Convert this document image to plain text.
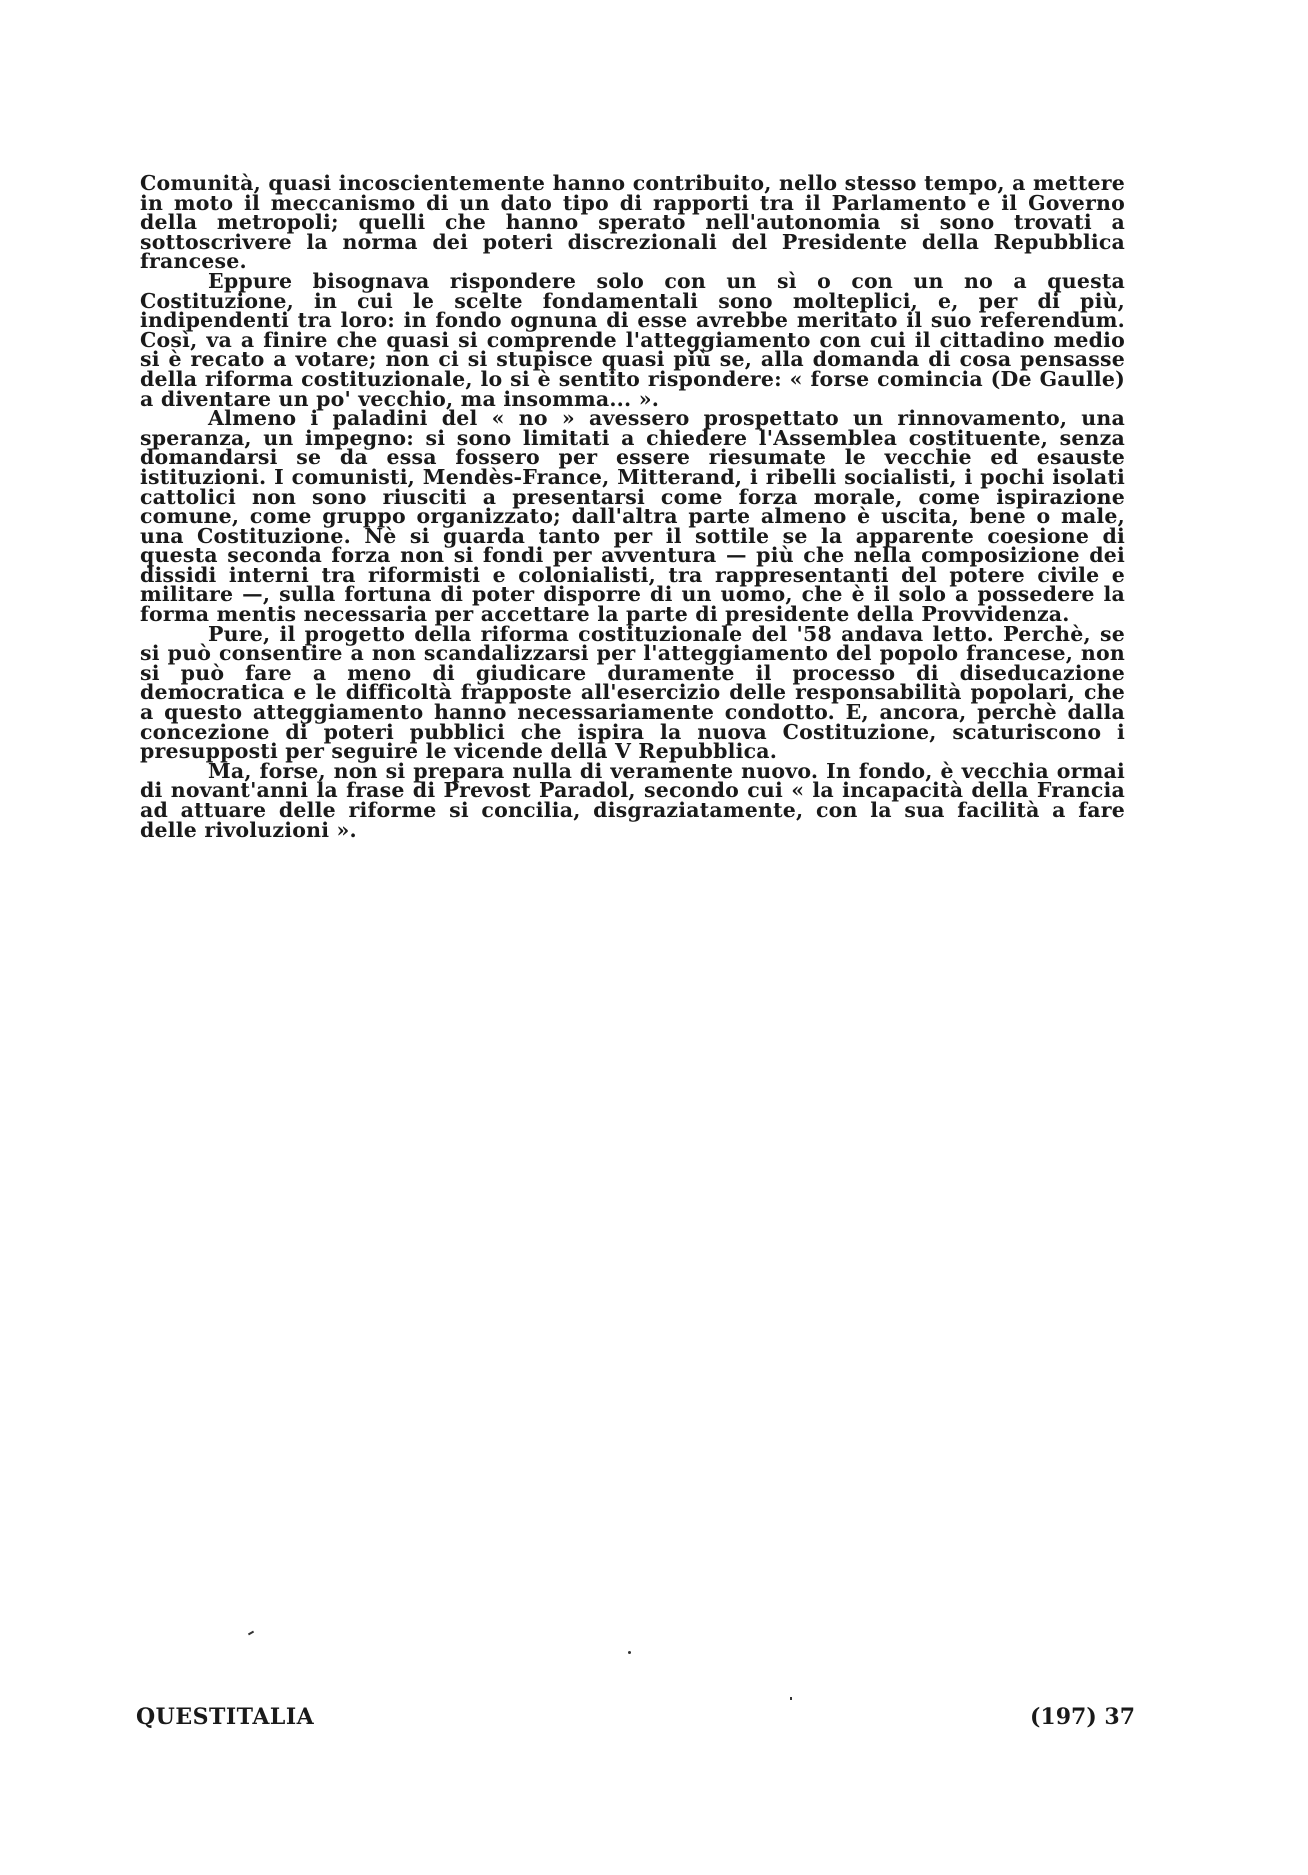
Comunità, quasi incoscientemente hanno contribuito, nello stesso tempo, a mettere in moto il meccanismo di un dato tipo di rapporti tra il Parlamento e il Governo della metropoli; quelli che hanno sperato nell'autonomia si sono trovati a sottoscrivere la norma dei poteri discrezionali del Presidente della Repubblica francese.

Eppure bisognava rispondere solo con un sì o con un no a questa Costituzione, in cui le scelte fondamentali sono molteplici, e, per di più, indipendenti tra loro: in fondo ognuna di esse avrebbe meritato il suo referendum. Così, va a finire che quasi si comprende l'atteggiamento con cui il cittadino medio si è recato a votare; non ci si stupisce quasi più se, alla domanda di cosa pensasse della riforma costituzionale, lo si è sentito rispondere: « forse comincia (De Gaulle) a diventare un po' vecchio, ma insomma... ».

Almeno i paladini del « no » avessero prospettato un rinnovamento, una speranza, un impegno: si sono limitati a chiedere l'Assemblea costituente, senza domandarsi se da essa fossero per essere riesumate le vecchie ed esauste istituzioni. I comunisti, Mendès-France, Mitterand, i ribelli socialisti, i pochi isolati cattolici non sono riusciti a presentarsi come forza morale, come ispirazione comune, come gruppo organizzato; dall'altra parte almeno è uscita, bene o male, una Costituzione. Nè si guarda tanto per il sottile se la apparente coesione di questa seconda forza non si fondi per avventura — più che nella composizione dei dissidi interni tra riformisti e colonialisti, tra rappresentanti del potere civile e militare —, sulla fortuna di poter disporre di un uomo, che è il solo a possedere la forma mentis necessaria per accettare la parte di presidente della Provvidenza.

Pure, il progetto della riforma costituzionale del '58 andava letto. Perchè, se si può consentire a non scandalizzarsi per l'atteggiamento del popolo francese, non si può fare a meno di giudicare duramente il processo di diseducazione democratica e le difficoltà frapposte all'esercizio delle responsabilità popolari, che a questo atteggiamento hanno necessariamente condotto. E, ancora, perchè dalla concezione di poteri pubblici che ispira la nuova Costituzione, scaturiscono i presupposti per seguire le vicende della V Repubblica.

Ma, forse, non si prepara nulla di veramente nuovo. In fondo, è vecchia ormai di novant'anni la frase di Prevost Paradol, secondo cui « la incapacità della Francia ad attuare delle riforme si concilia, disgraziatamente, con la sua facilità a fare delle rivoluzioni ».

QUESTITALIA	(197) 37
